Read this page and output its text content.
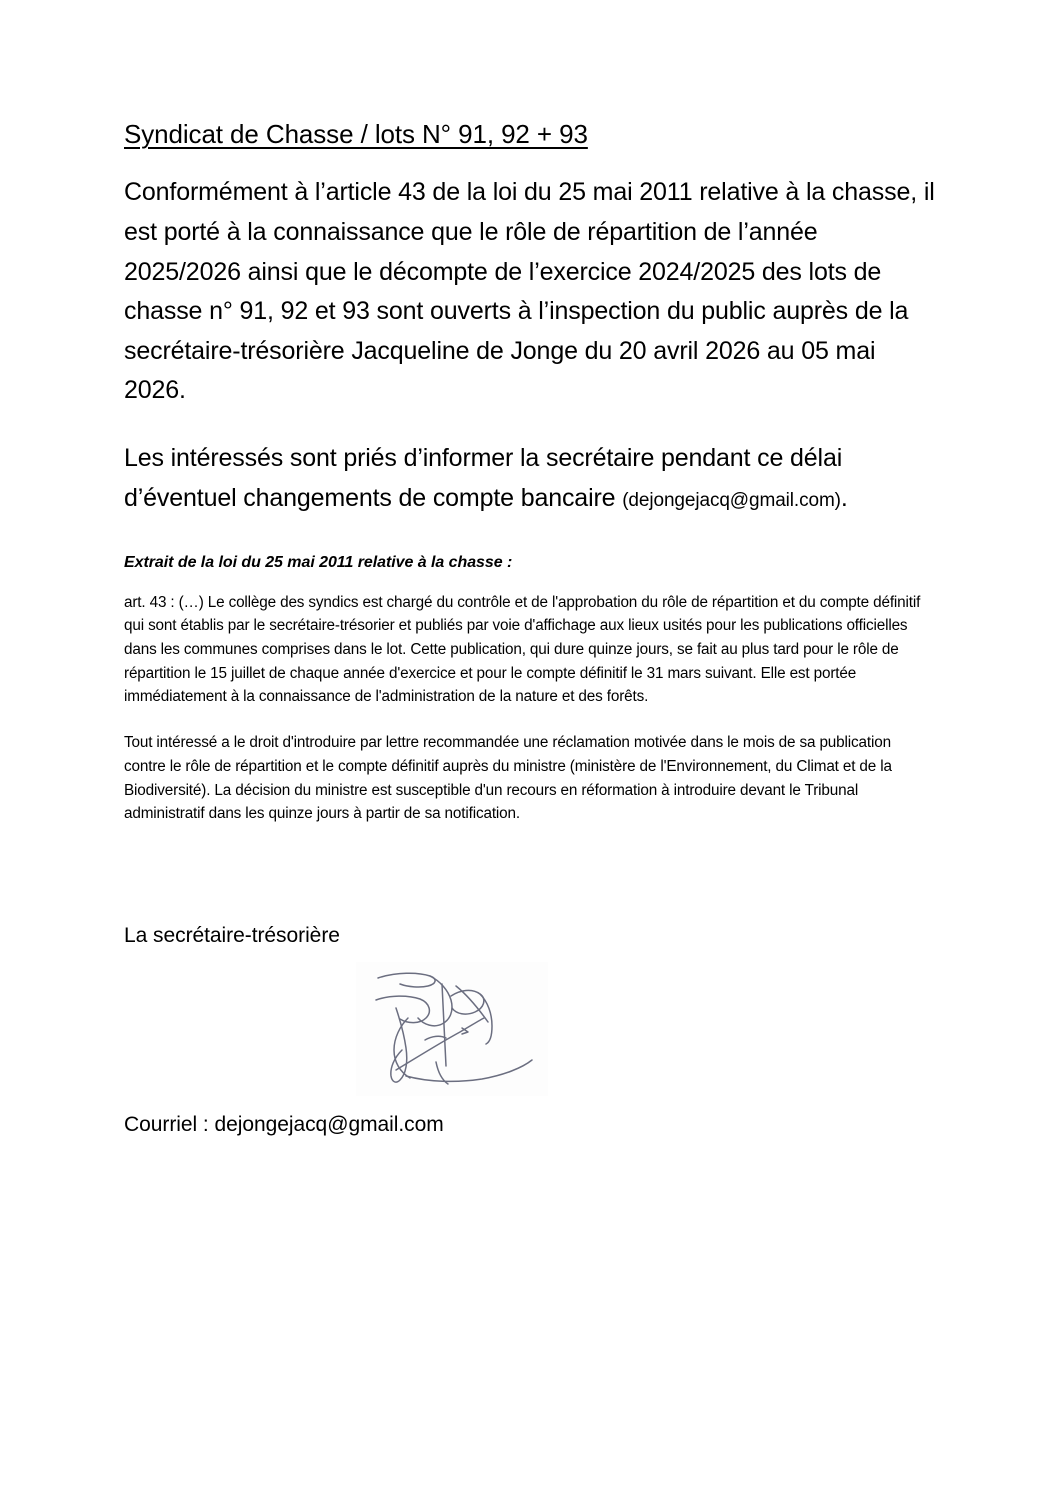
Syndicat de Chasse / lots N° 91, 92 + 93

Conformément à l’article 43 de la loi du 25 mai 2011 relative à la chasse, il est porté à la connaissance que le rôle de répartition de l’année 2025/2026 ainsi que le décompte de l’exercice 2024/2025 des lots de chasse n° 91, 92 et 93 sont ouverts à l’inspection du public auprès de la secrétaire-trésorière Jacqueline de Jonge du 20 avril 2026 au 05 mai 2026.

Les intéressés sont priés d’informer la secrétaire pendant ce délai d’éventuel changements de compte bancaire (dejongejacq@gmail.com).

Extrait de la loi du 25 mai 2011 relative à la chasse :

art. 43 : (…) Le collège des syndics est chargé du contrôle et de l'approbation du rôle de répartition et du compte définitif qui sont établis par le secrétaire-trésorier et publiés par voie d'affichage aux lieux usités pour les publications officielles dans les communes comprises dans le lot. Cette publication, qui dure quinze jours, se fait au plus tard pour le rôle de répartition le 15 juillet de chaque année d'exercice et pour le compte définitif le 31 mars suivant. Elle est portée immédiatement à la connaissance de l'administration de la nature et des forêts.

Tout intéressé a le droit d'introduire par lettre recommandée une réclamation motivée dans le mois de sa publication contre le rôle de répartition et le compte définitif auprès du ministre (ministère de l'Environnement, du Climat et de la Biodiversité). La décision du ministre est susceptible d'un recours en réformation à introduire devant le Tribunal administratif dans les quinze jours à partir de sa notification.

La secrétaire-trésorière

Courriel : dejongejacq@gmail.com
